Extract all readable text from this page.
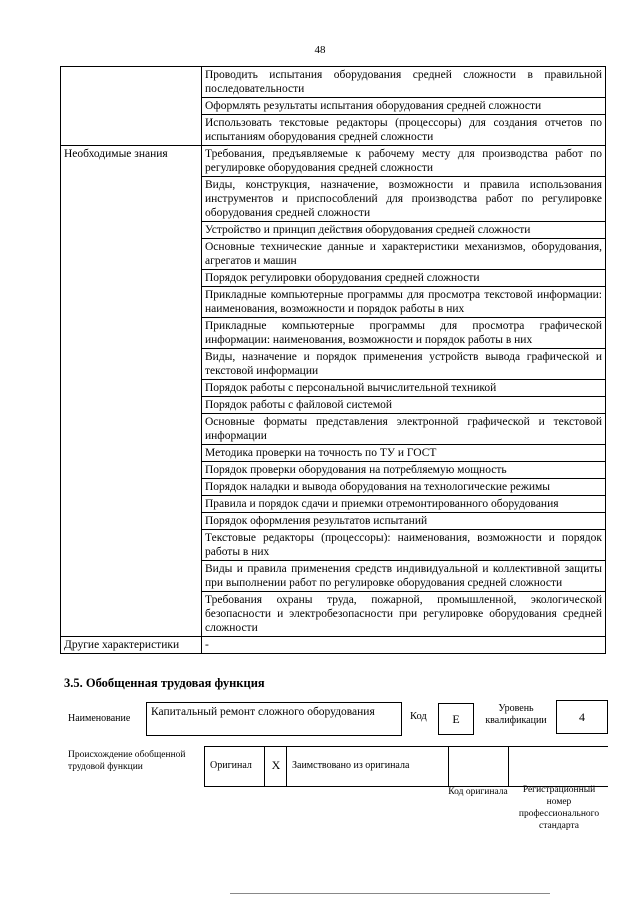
48
	Проводить испытания оборудования средней сложности в правильной последовательности
	Оформлять результаты испытания оборудования средней сложности
	Использовать текстовые редакторы (процессоры) для создания отчетов по испытаниям оборудования средней сложности
Необходимые знания	Требования, предъявляемые к рабочему месту для производства работ по регулировке оборудования средней сложности
	Виды, конструкция, назначение, возможности и правила использования инструментов и приспособлений для производства работ по регулировке оборудования средней сложности
	Устройство и принцип действия оборудования средней сложности
	Основные технические данные и характеристики механизмов, оборудования, агрегатов и машин
	Порядок регулировки оборудования средней сложности
	Прикладные компьютерные программы для просмотра текстовой информации: наименования, возможности и порядок работы в них
	Прикладные компьютерные программы для просмотра графической информации: наименования, возможности и порядок работы в них
	Виды, назначение и порядок применения устройств вывода графической и текстовой информации
	Порядок работы с персональной вычислительной техникой
	Порядок работы с файловой системой
	Основные форматы представления электронной графической и текстовой информации
	Методика проверки на точность по ТУ и ГОСТ
	Порядок проверки оборудования на потребляемую мощность
	Порядок наладки и вывода оборудования на технологические режимы
	Правила и порядок сдачи и приемки отремонтированного оборудования
	Порядок оформления результатов испытаний
	Текстовые редакторы (процессоры): наименования, возможности и порядок работы в них
	Виды и правила применения средств индивидуальной и коллективной защиты при выполнении работ по регулировке оборудования средней сложности
	Требования охраны труда, пожарной, промышленной, экологической безопасности и электробезопасности при регулировке оборудования средней сложности
Другие характеристики	-
3.5. Обобщенная трудовая функция
Наименование
Капитальный ремонт сложного оборудования	Код	E
Уровень квалификации	4
Происхождение обобщенной трудовой функции	Оригинал	X	Заимствовано из оригинала
Код оригинала	Регистрационный номер профессионального стандарта
